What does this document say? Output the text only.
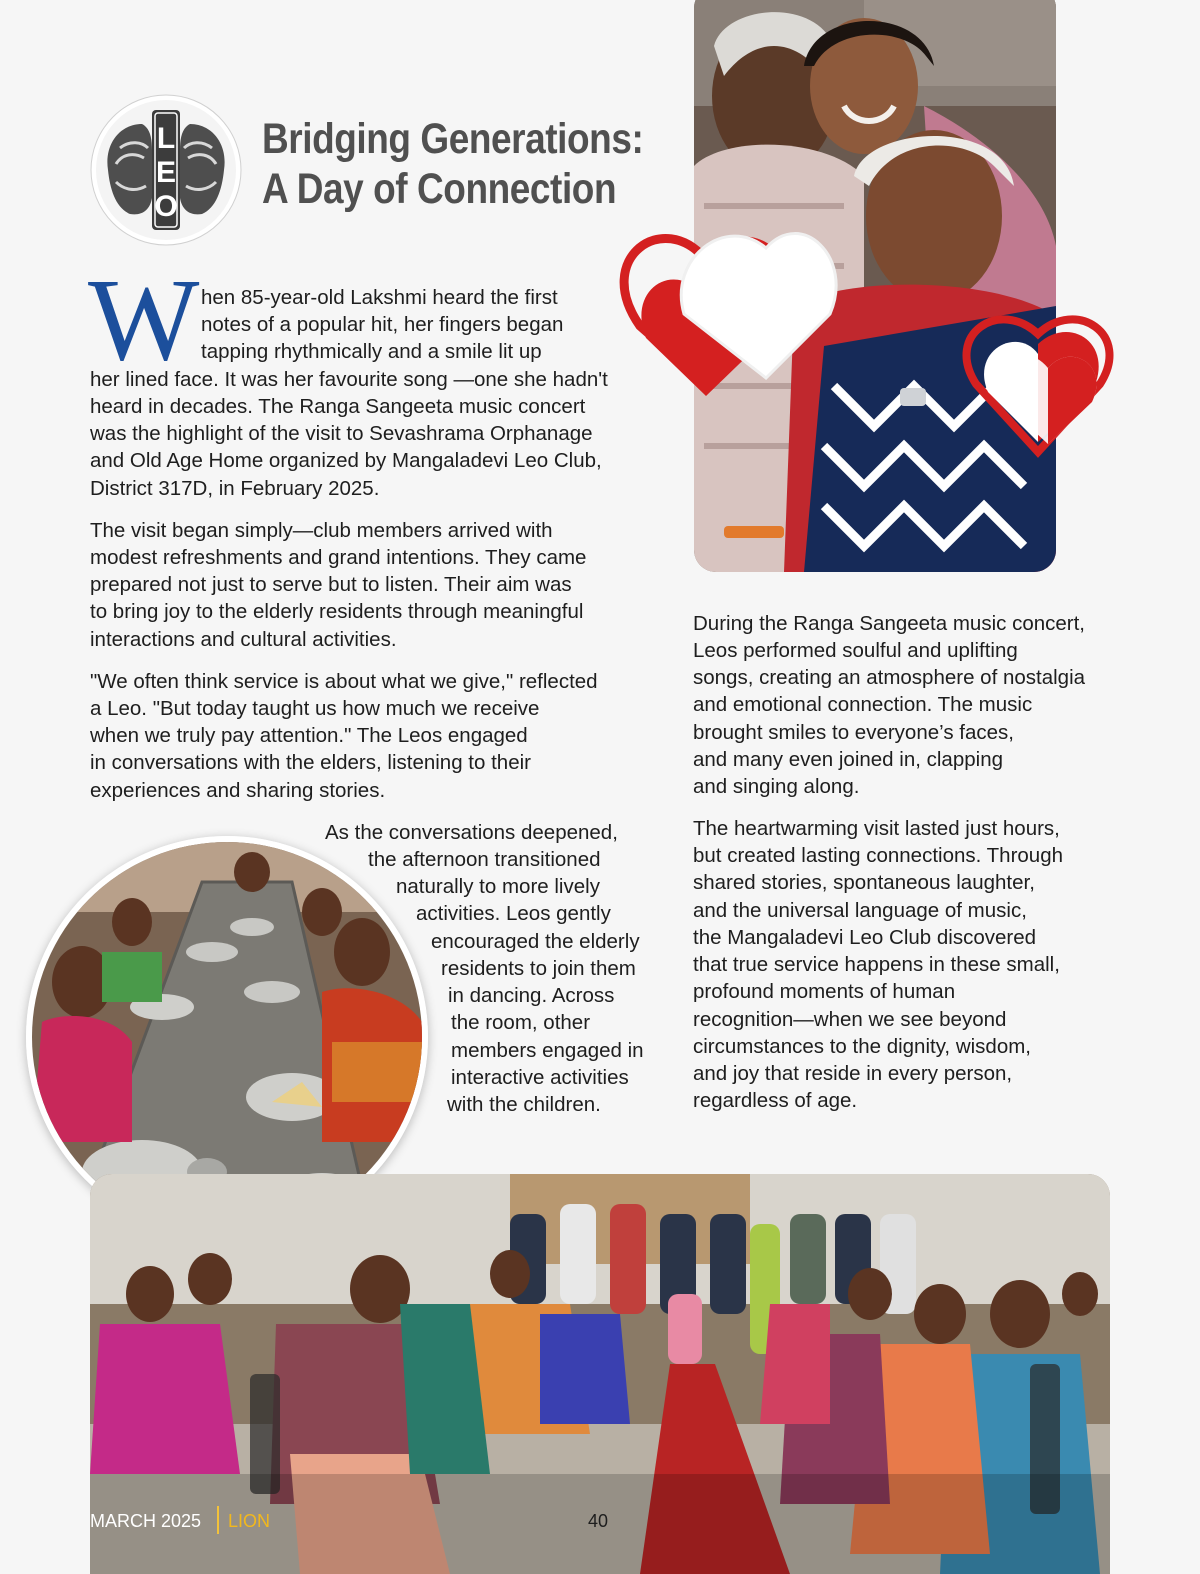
L
E
O
Bridging Generations:
A Day of Connection
W hen 85-year-old Lakshmi heard the first
notes of a popular hit, her fingers began
tapping rhythmically and a smile lit up
her lined face. It was her favourite song —one she hadn't
heard in decades. The Ranga Sangeeta music concert
was the highlight of the visit to Sevashrama Orphanage
and Old Age Home organized by Mangaladevi Leo Club,
District 317D, in February 2025.
The visit began simply—club members arrived with
modest refreshments and grand intentions. They came
prepared not just to serve but to listen. Their aim was
to bring joy to the elderly residents through meaningful
interactions and cultural activities.
"We often think service is about what we give," reflected
a Leo. "But today taught us how much we receive
when we truly pay attention." The Leos engaged
in conversations with the elders, listening to their
experiences and sharing stories.
As the conversations deepened,
the afternoon transitioned
naturally to more lively
activities. Leos gently
encouraged the elderly
residents to join them
in dancing. Across
the room, other
members engaged in
interactive activities
with the children.
During the Ranga Sangeeta music concert,
Leos performed soulful and uplifting
songs, creating an atmosphere of nostalgia
and emotional connection. The music
brought smiles to everyone’s faces,
and many even joined in, clapping
and singing along.
The heartwarming visit lasted just hours,
but created lasting connections. Through
shared stories, spontaneous laughter,
and the universal language of music,
the Mangaladevi Leo Club discovered
that true service happens in these small,
profound moments of human
recognition—when we see beyond
circumstances to the dignity, wisdom,
and joy that reside in every person,
regardless of age.
MARCH 2025 LION	40
